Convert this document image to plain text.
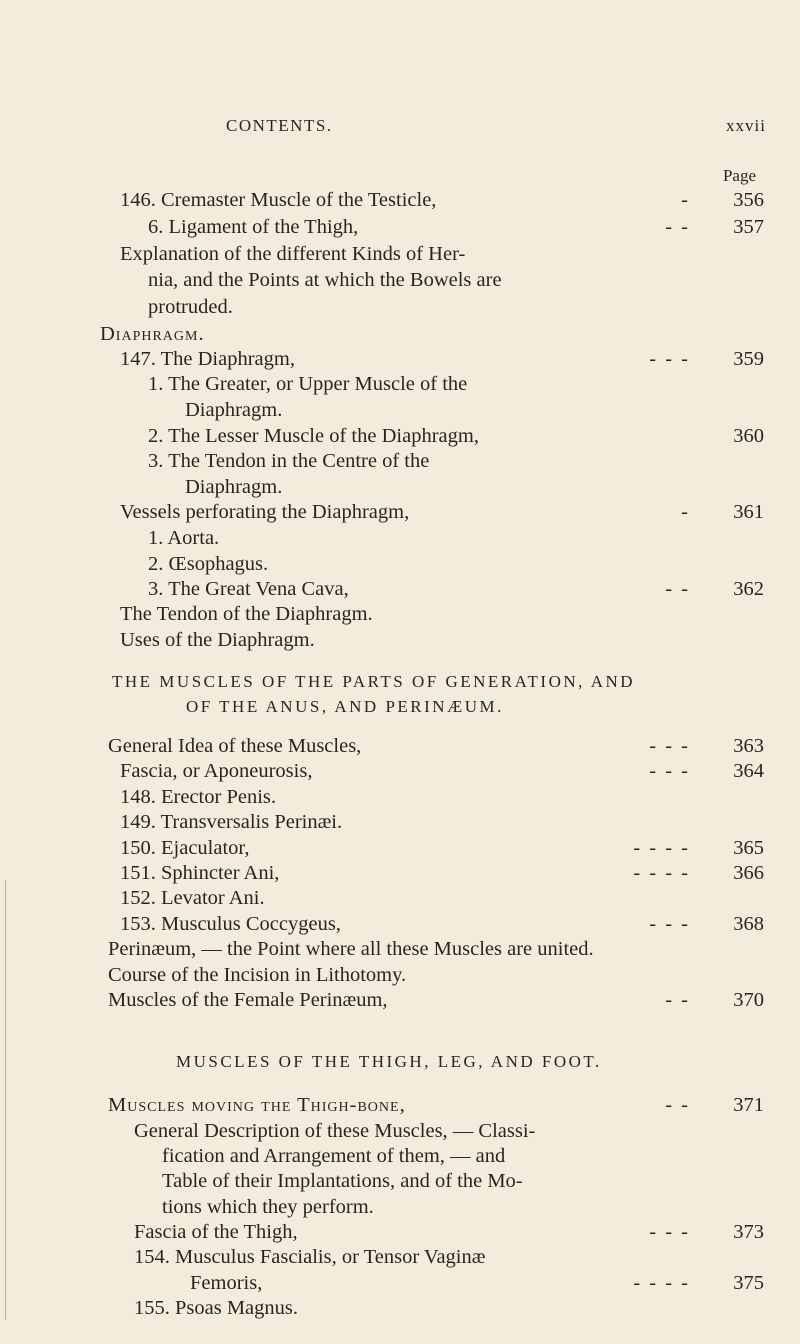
CONTENTS.	xxvii
Page
146. Cremaster Muscle of the Testicle,	-	356
6. Ligament of the Thigh,	- -	357
Explanation of the different Kinds of Her-
nia, and the Points at which the Bowels are
protruded.
Diaphragm.
147. The Diaphragm,	- - -	359
1. The Greater, or Upper Muscle of the
Diaphragm.
2. The Lesser Muscle of the Diaphragm,	360
3. The Tendon in the Centre of the
Diaphragm.
Vessels perforating the Diaphragm,	-	361
1. Aorta.
2. Œsophagus.
3. The Great Vena Cava,	- -	362
The Tendon of the Diaphragm.
Uses of the Diaphragm.
General Idea of these Muscles,	- - -	363
Fascia, or Aponeurosis,	- - -	364
148. Erector Penis.
149. Transversalis Perinæi.
150. Ejaculator,	- - - -	365
151. Sphincter Ani,	- - - -	366
152. Levator Ani.
153. Musculus Coccygeus,	- - -	368
Perinæum, — the Point where all these Muscles are united.
Course of the Incision in Lithotomy.
Muscles of the Female Perinæum,	- -	370
Muscles moving the Thigh-bone,	- -	371
General Description of these Muscles, — Classi-
fication and Arrangement of them, — and
Table of their Implantations, and of the Mo-
tions which they perform.
Fascia of the Thigh,	- - -	373
154. Musculus Fascialis, or Tensor Vaginæ
Femoris,	- - - -	375
155. Psoas Magnus.
THE MUSCLES OF THE PARTS OF GENERATION, AND
OF THE ANUS, AND PERINÆUM.
MUSCLES OF THE THIGH, LEG, AND FOOT.
